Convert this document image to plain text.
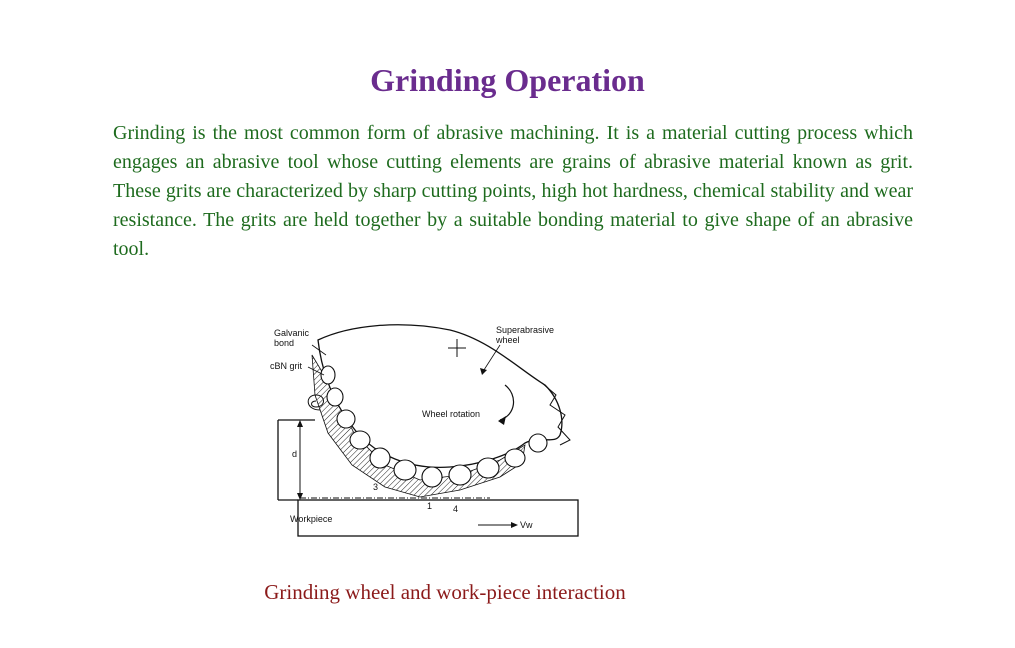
Grinding Operation
Grinding is the most common form of abrasive machining. It is a material cutting process which engages an abrasive tool whose cutting elements are grains of abrasive material known as grit. These grits are characterized by sharp cutting points, high hot hardness, chemical stability and wear resistance. The grits are held together by a suitable bonding material to give shape of an abrasive tool.
Galvanic
bond
cBN grit
Superabrasive
wheel
Wheel rotation
d
Workpiece
Vw
1
3
4
Grinding wheel and work-piece interaction
